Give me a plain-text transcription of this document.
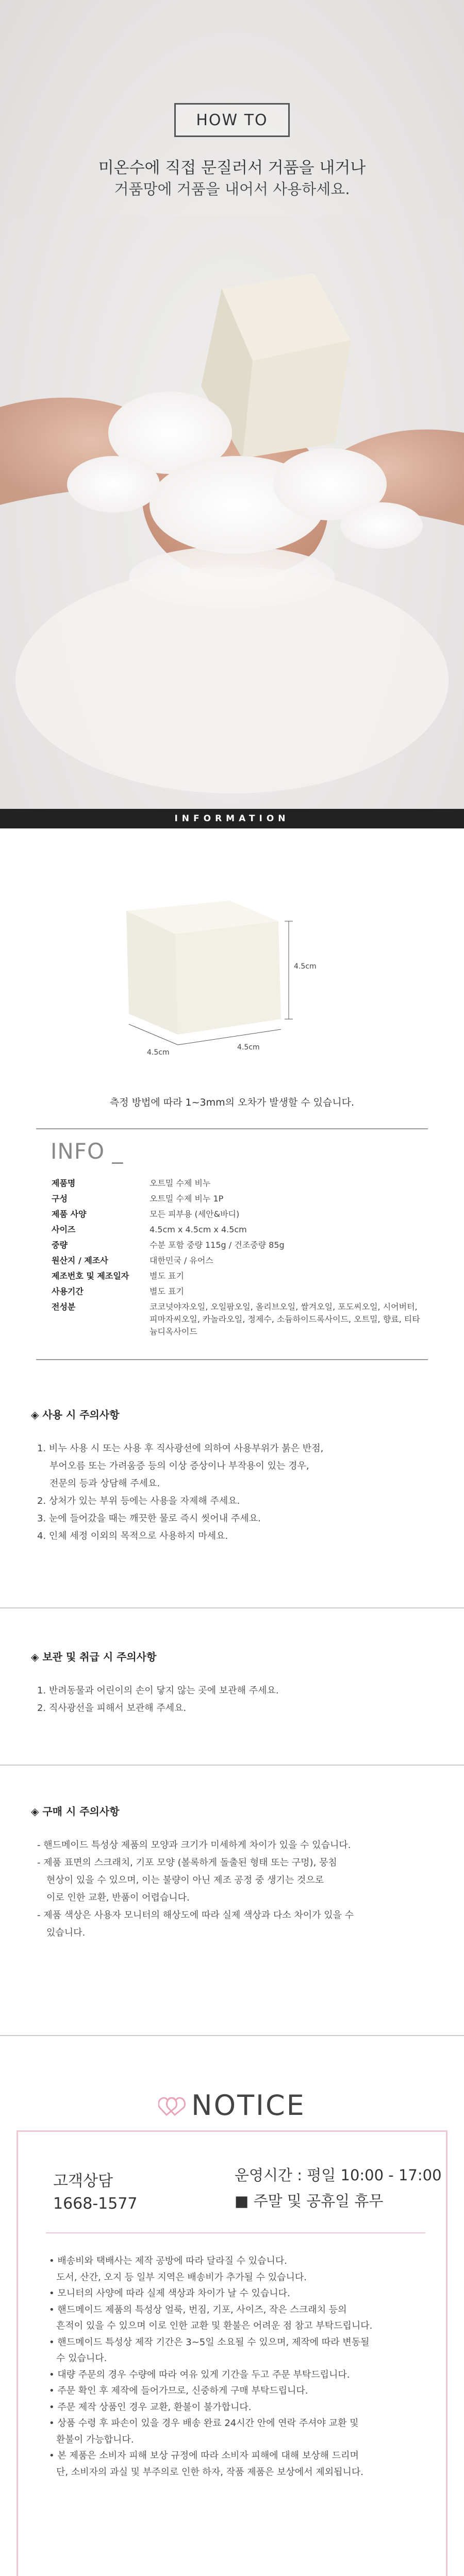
HOW TO
미온수에 직접 문질러서 거품을 내거나
거품망에 거품을 내어서 사용하세요.
INFORMATION
4.5cm
4.5cm
4.5cm
측정 방법에 따라 1~3mm의 오차가 발생할 수 있습니다.
INFO _
제품명	오트밀 수제 비누
구성	오트밀 수제 비누 1P
제품 사양	모든 피부용 (세안&바디)
사이즈	4.5cm x 4.5cm x 4.5cm
중량	수분 포함 중량 115g / 건조중량 85g
원산지 / 제조사	대한민국 / 유어스
제조번호 및 제조일자	별도 표기
사용기간	별도 표기
전성분	코코넛야자오일, 오일팜오일, 올리브오일, 쌀겨오일, 포도씨오일, 시어버터, 피마자씨오일, 카놀라오일, 정제수, 소듐하이드록사이드, 오트밀, 향료, 티타늄디옥사이드
◈ 사용 시 주의사항
1. 비누 사용 시 또는 사용 후 직사광선에 의하여 사용부위가 붉은 반점,
부어오름 또는 가려움증 등의 이상 증상이나 부작용이 있는 경우,
전문의 등과 상담해 주세요.
2. 상처가 있는 부위 등에는 사용을 자제해 주세요.
3. 눈에 들어갔을 때는 깨끗한 물로 즉시 씻어내 주세요.
4. 인체 세정 이외의 목적으로 사용하지 마세요.
◈ 보관 및 취급 시 주의사항
1. 반려동물과 어린이의 손이 닿지 않는 곳에 보관해 주세요.
2. 직사광선을 피해서 보관해 주세요.
◈ 구매 시 주의사항
- 핸드메이드 특성상 제품의 모양과 크기가 미세하게 차이가 있을 수 있습니다.
- 제품 표면의 스크래치, 기포 모양 (볼록하게 돌출된 형태 또는 구멍), 뭉침
현상이 있을 수 있으며, 이는 불량이 아닌 제조 공정 중 생기는 것으로
이로 인한 교환, 반품이 어렵습니다.
- 제품 색상은 사용자 모니터의 해상도에 따라 실제 색상과 다소 차이가 있을 수
있습니다.
NOTICE
고객상담
1668-1577
운영시간 : 평일 10:00 - 17:00
■ 주말 및 공휴일 휴무
• 배송비와 택배사는 제작 공방에 따라 달라질 수 있습니다.
도서, 산간, 오지 등 일부 지역은 배송비가 추가될 수 있습니다.
• 모니터의 사양에 따라 실제 색상과 차이가 날 수 있습니다.
• 핸드메이드 제품의 특성상 얼룩, 번짐, 기포, 사이즈, 작은 스크래치 등의
흔적이 있을 수 있으며 이로 인한 교환 및 환불은 어려운 점 참고 부탁드립니다.
• 핸드메이드 특성상 제작 기간은 3~5일 소요될 수 있으며, 제작에 따라 변동될
수 있습니다.
• 대량 주문의 경우 수량에 따라 여유 있게 기간을 두고 주문 부탁드립니다.
• 주문 확인 후 제작에 들어가므로, 신중하게 구매 부탁드립니다.
• 주문 제작 상품인 경우 교환, 환불이 불가합니다.
• 상품 수령 후 파손이 있을 경우 배송 완료 24시간 안에 연락 주셔야 교환 및
환불이 가능합니다.
• 본 제품은 소비자 피해 보상 규정에 따라 소비자 피해에 대해 보상해 드리며
단, 소비자의 과실 및 부주의로 인한 하자, 작품 제품은 보상에서 제외됩니다.
